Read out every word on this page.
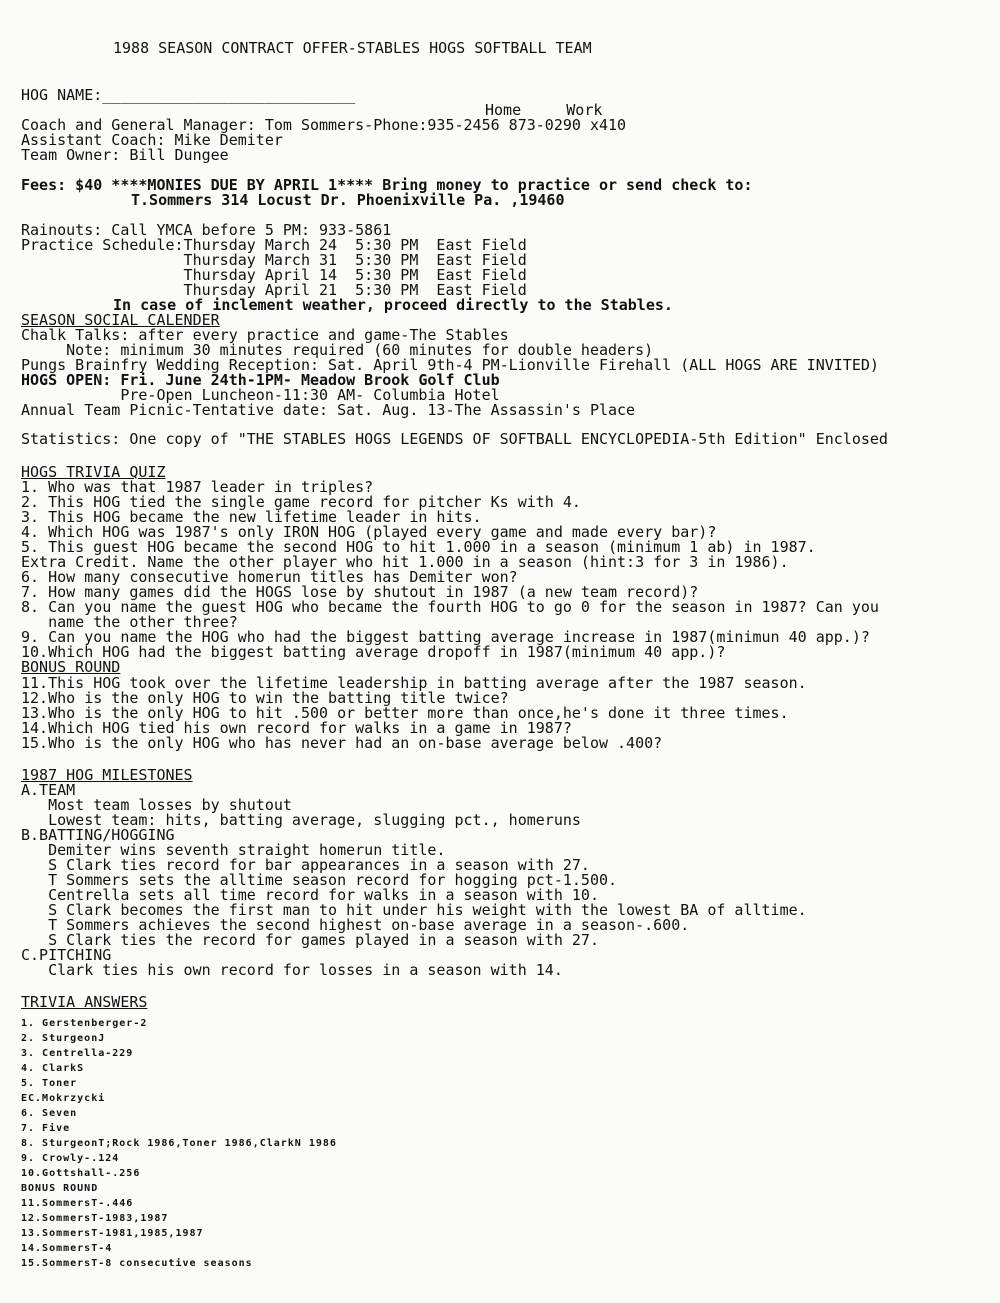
1988 SEASON CONTRACT OFFER-STABLES HOGS SOFTBALL TEAM
HOG NAME:____________________________
Home     Work
Coach and General Manager: Tom Sommers-Phone:935-2456 873-0290 x410
Assistant Coach: Mike Demiter
Team Owner: Bill Dungee
Fees: $40 ****MONIES DUE BY APRIL 1**** Bring money to practice or send check to:
T.Sommers 314 Locust Dr. Phoenixville Pa. ,19460
Rainouts: Call YMCA before 5 PM: 933-5861
Practice Schedule:Thursday March 24  5:30 PM  East Field
Thursday March 31  5:30 PM  East Field
Thursday April 14  5:30 PM  East Field
Thursday April 21  5:30 PM  East Field
In case of inclement weather, proceed directly to the Stables.
SEASON SOCIAL CALENDER
Chalk Talks: after every practice and game-The Stables
Note: minimum 30 minutes required (60 minutes for double headers)
Pungs Brainfry Wedding Reception: Sat. April 9th-4 PM-Lionville Firehall (ALL HOGS ARE INVITED)
HOGS OPEN: Fri. June 24th-1PM- Meadow Brook Golf Club
Pre-Open Luncheon-11:30 AM- Columbia Hotel
Annual Team Picnic-Tentative date: Sat. Aug. 13-The Assassin's Place
Statistics: One copy of "THE STABLES HOGS LEGENDS OF SOFTBALL ENCYCLOPEDIA-5th Edition" Enclosed
HOGS TRIVIA QUIZ
1. Who was that 1987 leader in triples?
2. This HOG tied the single game record for pitcher Ks with 4.
3. This HOG became the new lifetime leader in hits.
4. Which HOG was 1987's only IRON HOG (played every game and made every bar)?
5. This guest HOG became the second HOG to hit 1.000 in a season (minimum 1 ab) in 1987.
Extra Credit. Name the other player who hit 1.000 in a season (hint:3 for 3 in 1986).
6. How many consecutive homerun titles has Demiter won?
7. How many games did the HOGS lose by shutout in 1987 (a new team record)?
8. Can you name the guest HOG who became the fourth HOG to go 0 for the season in 1987? Can you
name the other three?
9. Can you name the HOG who had the biggest batting average increase in 1987(minimun 40 app.)?
10.Which HOG had the biggest batting average dropoff in 1987(minimum 40 app.)?
BONUS ROUND
11.This HOG took over the lifetime leadership in batting average after the 1987 season.
12.Who is the only HOG to win the batting title twice?
13.Who is the only HOG to hit .500 or better more than once,he's done it three times.
14.Which HOG tied his own record for walks in a game in 1987?
15.Who is the only HOG who has never had an on-base average below .400?
1987 HOG MILESTONES
A.TEAM
Most team losses by shutout
Lowest team: hits, batting average, slugging pct., homeruns
B.BATTING/HOGGING
Demiter wins seventh straight homerun title.
S Clark ties record for bar appearances in a season with 27.
T Sommers sets the alltime season record for hogging pct-1.500.
Centrella sets all time record for walks in a season with 10.
S Clark becomes the first man to hit under his weight with the lowest BA of alltime.
T Sommers achieves the second highest on-base average in a season-.600.
S Clark ties the record for games played in a season with 27.
C.PITCHING
Clark ties his own record for losses in a season with 14.
TRIVIA ANSWERS
1. Gerstenberger-2
2. SturgeonJ
3. Centrella-229
4. ClarkS
5. Toner
EC.Mokrzycki
6. Seven
7. Five
8. SturgeonT;Rock 1986,Toner 1986,ClarkN 1986
9. Crowly-.124
10.Gottshall-.256
BONUS ROUND
11.SommersT-.446
12.SommersT-1983,1987
13.SommersT-1981,1985,1987
14.SommersT-4
15.SommersT-8 consecutive seasons
